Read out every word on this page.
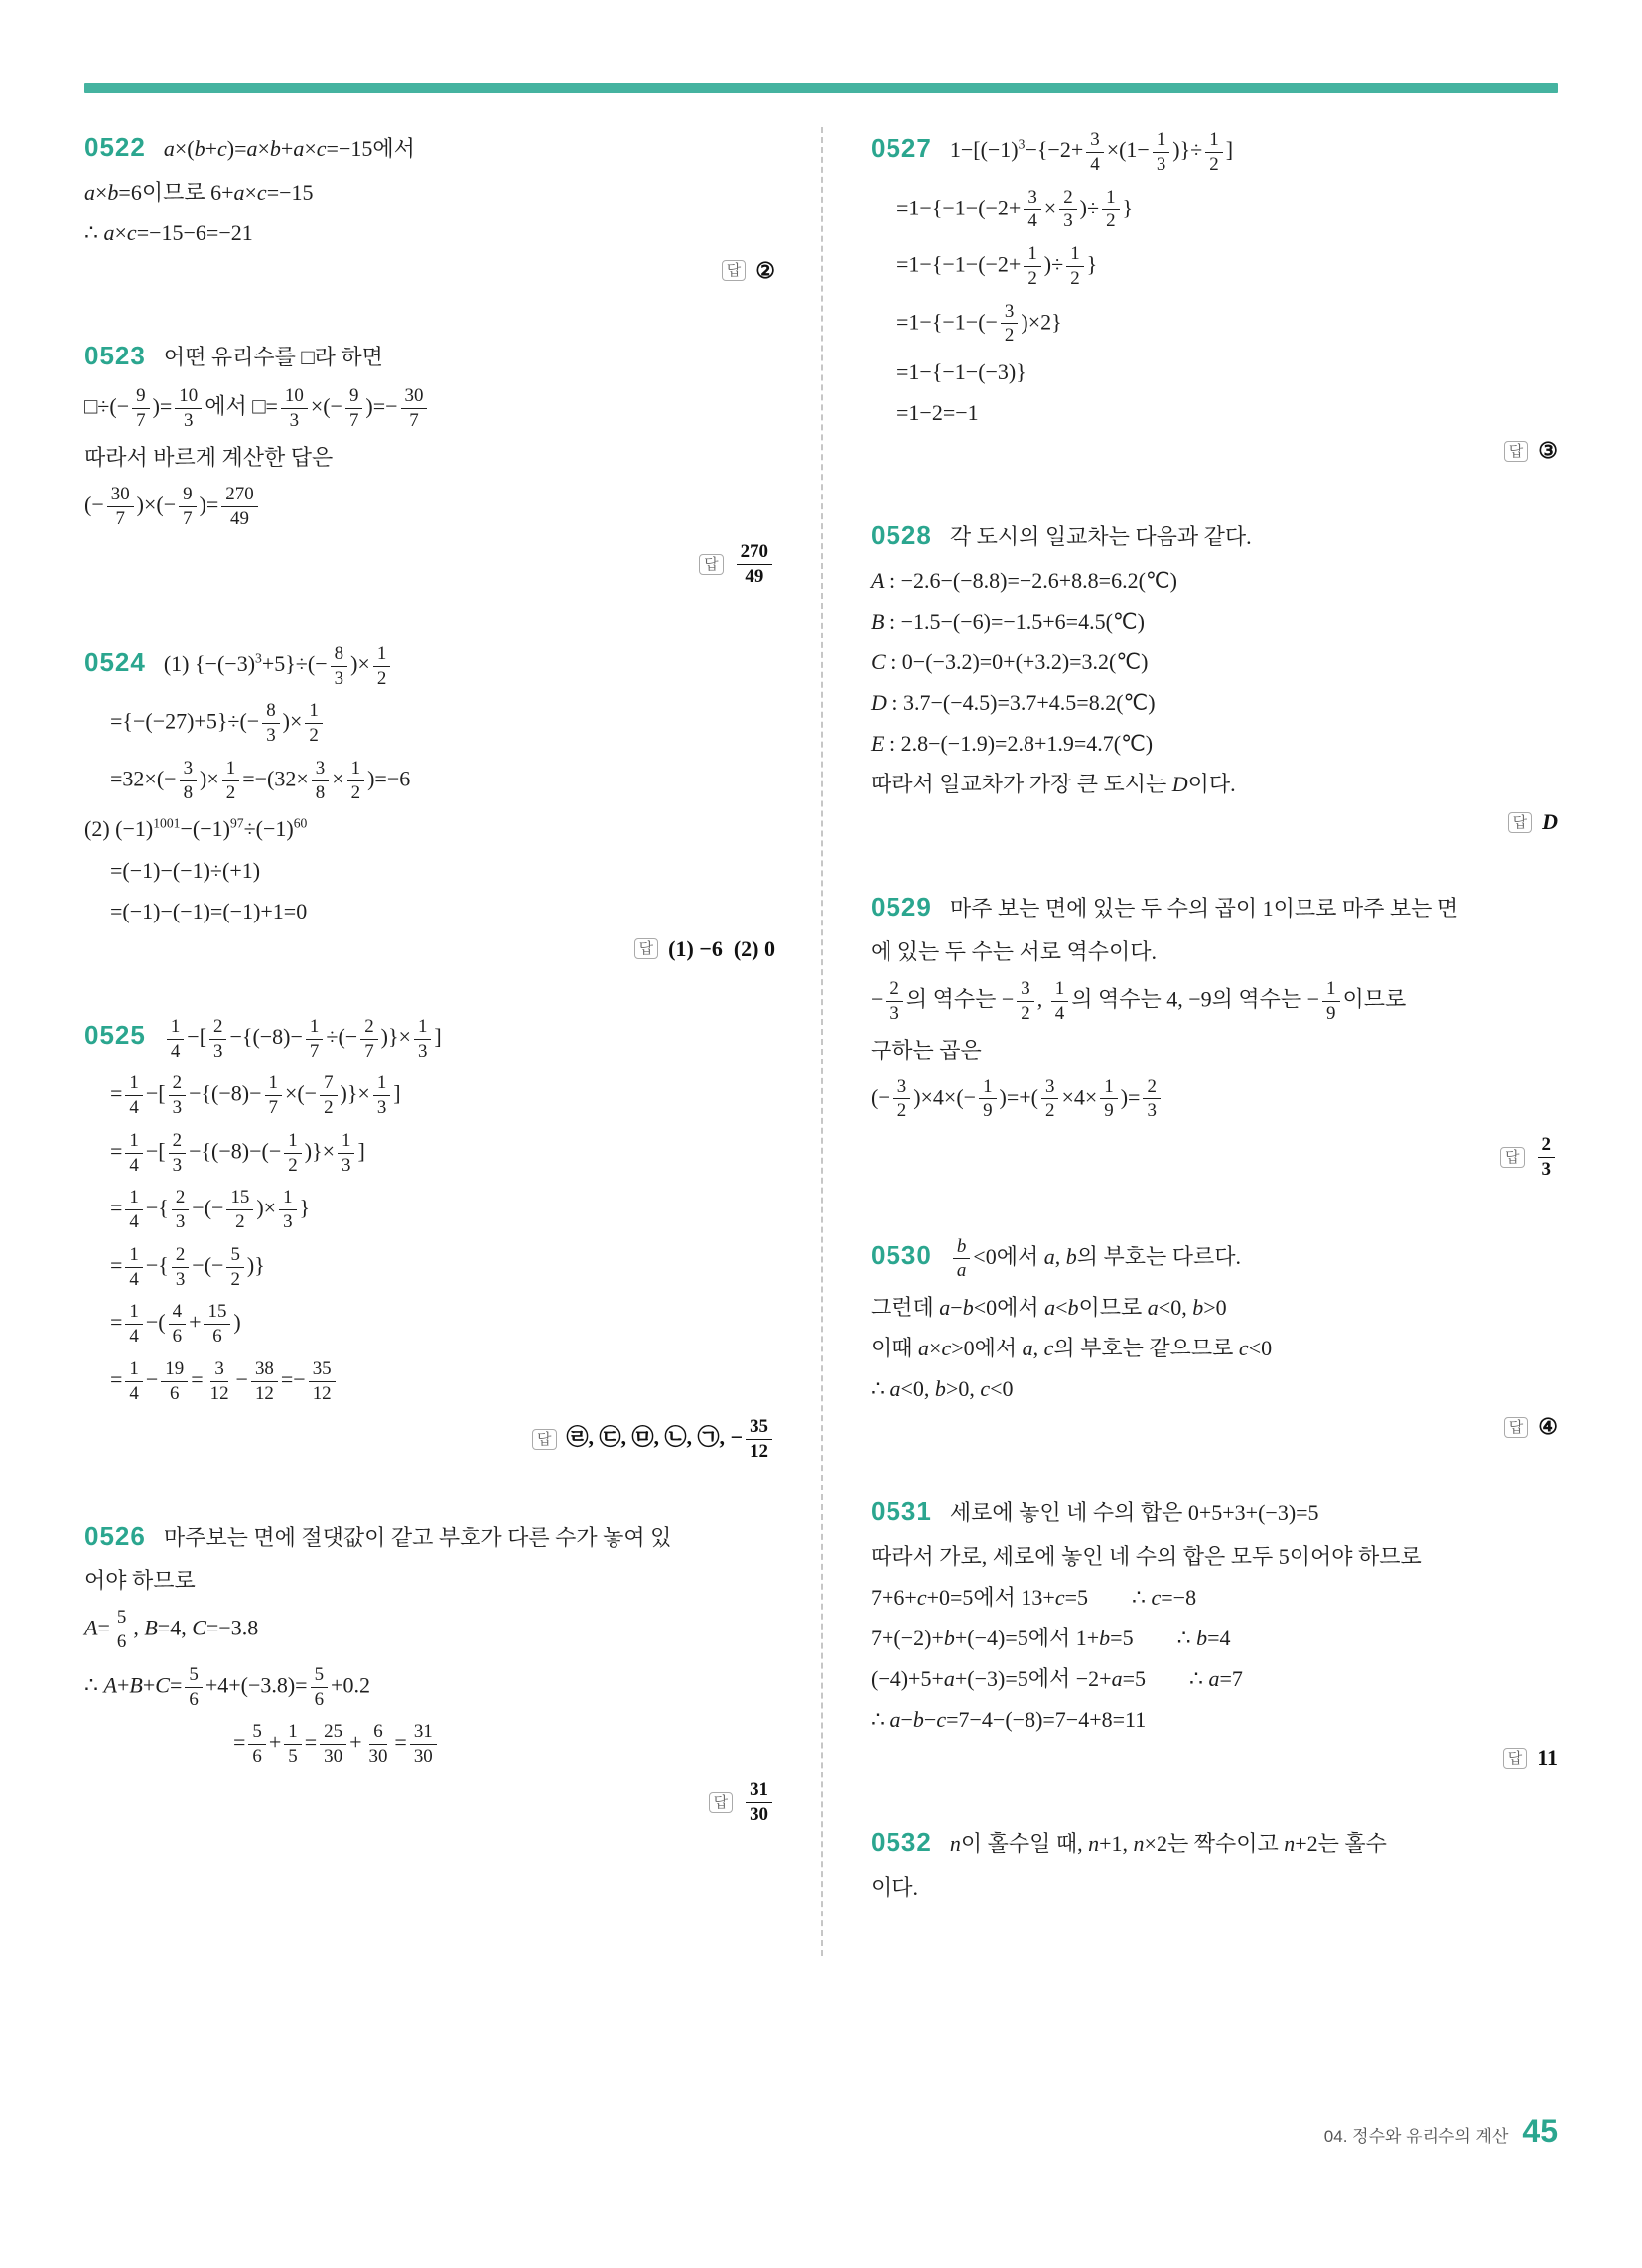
0522 a×(b+c)=a×b+a×c=−15에서
a×b=6이므로 6+a×c=−15
∴ a×c=−15−6=−21
답 ②
0523 어떤 유리수를 □라 하면
□÷(− $\frac{9}{7}$ )= $\frac{10}{3}$ 에서 □= $\frac{10}{3}$ ×(− $\frac{9}{7}$ )=− $\frac{30}{7}$
따라서 바르게 계산한 답은
(− $\frac{30}{7}$ )×(− $\frac{9}{7}$ )= $\frac{270}{49}$
답 $\frac{270}{49}$
0524 (1) $\{-(-3)^3+5\}\div(- \frac{8}{3}$ )× $\frac{1}{2}$
$=\{-(-27)+5\}\div(- \frac{8}{3}$ )× $\frac{1}{2}$
$=32\times(- \frac{3}{8}$ )× $\frac{1}{2} =-(32\times \frac{3}{8} \times \frac{1}{2} )=-6$
(2) $(-1)^{1001}-(-1)^{97}\div(-1)^{60}$
=(−1)−(−1)÷(+1)
=(−1)−(−1)=(−1)+1=0
답 (1) −6 (2) 0
$0525 \frac{1}{4}$ −[ $\frac{2}{3} -\{(-8)- \frac{1}{7}$ ÷(− $\frac{2}{7}$ )}× $\frac{1}{3}$ ]
= $\frac{1}{4}$ −[ $\frac{2}{3} -\{(-8)- \frac{1}{7}$ ×(− $\frac{7}{2}$ )}× $\frac{1}{3}$ ]
= $\frac{1}{4}$ −[ $\frac{2}{3} -\{(-8)-(- \frac{1}{2}$ )}× $\frac{1}{3}$ ]
= $\frac{1}{4}$ −{ $\frac{2}{3}$ −(− $\frac{15}{2}$ )× $\frac{1}{3}$ }
= $\frac{1}{4}$ −{ $\frac{2}{3}$ −(− $\frac{5}{2}$ )}
= $\frac{1}{4}$ −( $\frac{4}{6} + \frac{15}{6}$ )
= $\frac{1}{4} - \frac{19}{6} = \frac{3}{12} - \frac{38}{12} =- \frac{35}{12}$
답 ㉣, ㉢, ㉤, ㉡, ㉠, − $\frac{35}{12}$
0526 마주보는 면에 절댓값이 같고 부호가 다른 수가 놓여 있
어야 하므로
$A= \frac{5}{6}$ , B=4, C=−3.8
∴ $A+B+C= \frac{5}{6} +4+(-3.8)= \frac{5}{6} +0.2$
= $\frac{5}{6} + \frac{1}{5} = \frac{25}{30} + \frac{6}{30} = \frac{31}{30}$
답 $\frac{31}{30}$
0527 $1-[(-1)^3-\{-2+ \frac{3}{4} \times(1- \frac{1}{3}$ )}÷ $\frac{1}{2}$ ]
$=1-\{-1-(-2+ \frac{3}{4} \times \frac{2}{3}$ )÷ $\frac{1}{2}$ }
$=1-\{-1-(-2+ \frac{1}{2}$ )÷ $\frac{1}{2}$ }
$=1-\{-1-(- \frac{3}{2} )\times 2\}$
=1−{−1−(−3)}
=1−2=−1
답 ③
0528 각 도시의 일교차는 다음과 같다.
A : −2.6−(−8.8)=−2.6+8.8=6.2(℃)
B : −1.5−(−6)=−1.5+6=4.5(℃)
C : 0−(−3.2)=0+(+3.2)=3.2(℃)
D : 3.7−(−4.5)=3.7+4.5=8.2(℃)
E : 2.8−(−1.9)=2.8+1.9=4.7(℃)
따라서 일교차가 가장 큰 도시는 D이다.
답 D
0529 마주 보는 면에 있는 두 수의 곱이 1이므로 마주 보는 면
에 있는 두 수는 서로 역수이다.
− $\frac{2}{3}$ 의 역수는 − $\frac{3}{2}$ , $\frac{1}{4}$ 의 역수는 4, −9의 역수는 − $\frac{1}{9}$ 이므로
구하는 곱은
(− $\frac{3}{2} )\times 4\times(- \frac{1}{9}$ )=+( $\frac{3}{2} \times 4\times \frac{1}{9}$ )= $\frac{2}{3}$
답 $\frac{2}{3}$
$0530 \frac{b}{a} <0$에서 a, b의 부호는 다르다.
그런데 a−b<0에서 a<b이므로 a<0, b>0
이때 a×c>0에서 a, c의 부호는 같으므로 c<0
∴ a<0, b>0, c<0
답 ④
0531 세로에 놓인 네 수의 합은 0+5+3+(−3)=5
따라서 가로, 세로에 놓인 네 수의 합은 모두 5이어야 하므로
7+6+c+0=5에서 13+c=5  ∴ c=−8
7+(−2)+b+(−4)=5에서 1+b=5  ∴ b=4
(−4)+5+a+(−3)=5에서 −2+a=5  ∴ a=7
∴ a−b−c=7−4−(−8)=7−4+8=11
답 11
0532 n이 홀수일 때, n+1, n×2는 짝수이고 n+2는 홀수
이다.
04. 정수와 유리수의 계산 45
